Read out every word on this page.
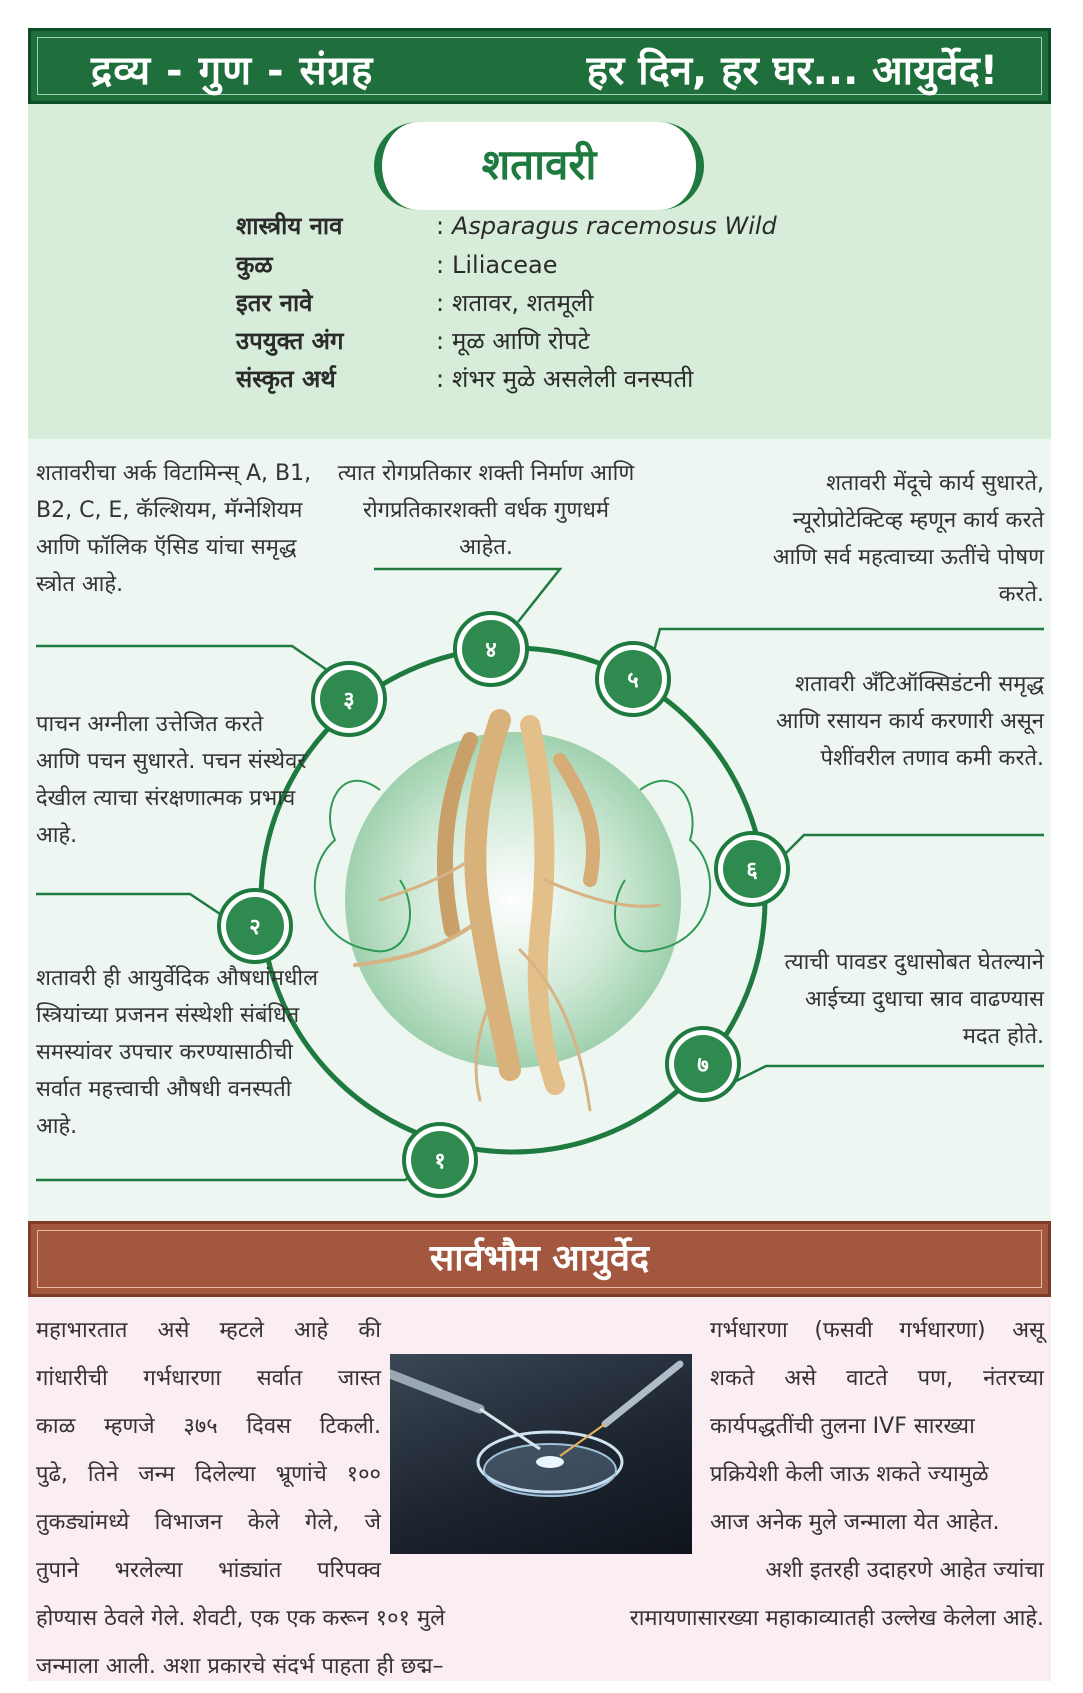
द्रव्य - गुण - संग्रह	हर दिन, हर घर... आयुर्वेद!
शतावरी
शास्त्रीय नाव	: Asparagus racemosus Wild
कुळ	: Liliaceae
इतर नावे	: शतावर, शतमूली
उपयुक्त अंग	: मूळ आणि रोपटे
संस्कृत अर्थ	: शंभर मुळे असलेली वनस्पती
१
२
३
४
५
६
७
शतावरीचा अर्क विटामिन्स् A, B1, B2, C, E, कॅल्शियम, मॅग्नेशियम आणि फॉलिक ऍसिड यांचा समृद्ध स्त्रोत आहे.
त्यात रोगप्रतिकार शक्ती निर्माण आणि रोगप्रतिकारशक्ती वर्धक गुणधर्म आहेत.
शतावरी मेंदूचे कार्य सुधारते, न्यूरोप्रोटेक्टिव्ह म्हणून कार्य करते आणि सर्व महत्वाच्या ऊतींचे पोषण करते.
पाचन अग्नीला उत्तेजित करते आणि पचन सुधारते. पचन संस्थेवर देखील त्याचा संरक्षणात्मक प्रभाव आहे.
शतावरी अँटिऑक्सिडंटनी समृद्ध आणि रसायन कार्य करणारी असून पेशींवरील तणाव कमी करते.
शतावरी ही आयुर्वेदिक औषधांमधील स्त्रियांच्या प्रजनन संस्थेशी संबंधित समस्यांवर उपचार करण्यासाठीची सर्वात महत्त्वाची औषधी वनस्पती आहे.
त्याची पावडर दुधासोबत घेतल्याने आईच्या दुधाचा स्राव वाढण्यास मदत होते.
सार्वभौम आयुर्वेद
महाभारतात असे म्हटले आहे की
गांधारीची गर्भधारणा सर्वात जास्त
काळ म्हणजे ३७५ दिवस टिकली.
पुढे, तिने जन्म दिलेल्या भ्रूणांचे १००
तुकड्यांमध्ये विभाजन केले गेले, जे
तुपाने भरलेल्या भांड्यांत परिपक्व
होण्यास ठेवले गेले. शेवटी, एक एक करून १०१ मुले
जन्माला आली. अशा प्रकारचे संदर्भ पाहता ही छद्म–
गर्भधारणा (फसवी गर्भधारणा) असू
शकते असे वाटते पण, नंतरच्या
कार्यपद्धतींची तुलना IVF सारख्या
प्रक्रियेशी केली जाऊ शकते ज्यामुळे
आज अनेक मुले जन्माला येत आहेत.
अशी इतरही उदाहरणे आहेत ज्यांचा
रामायणासारख्या महाकाव्यातही उल्लेख केलेला आहे.
